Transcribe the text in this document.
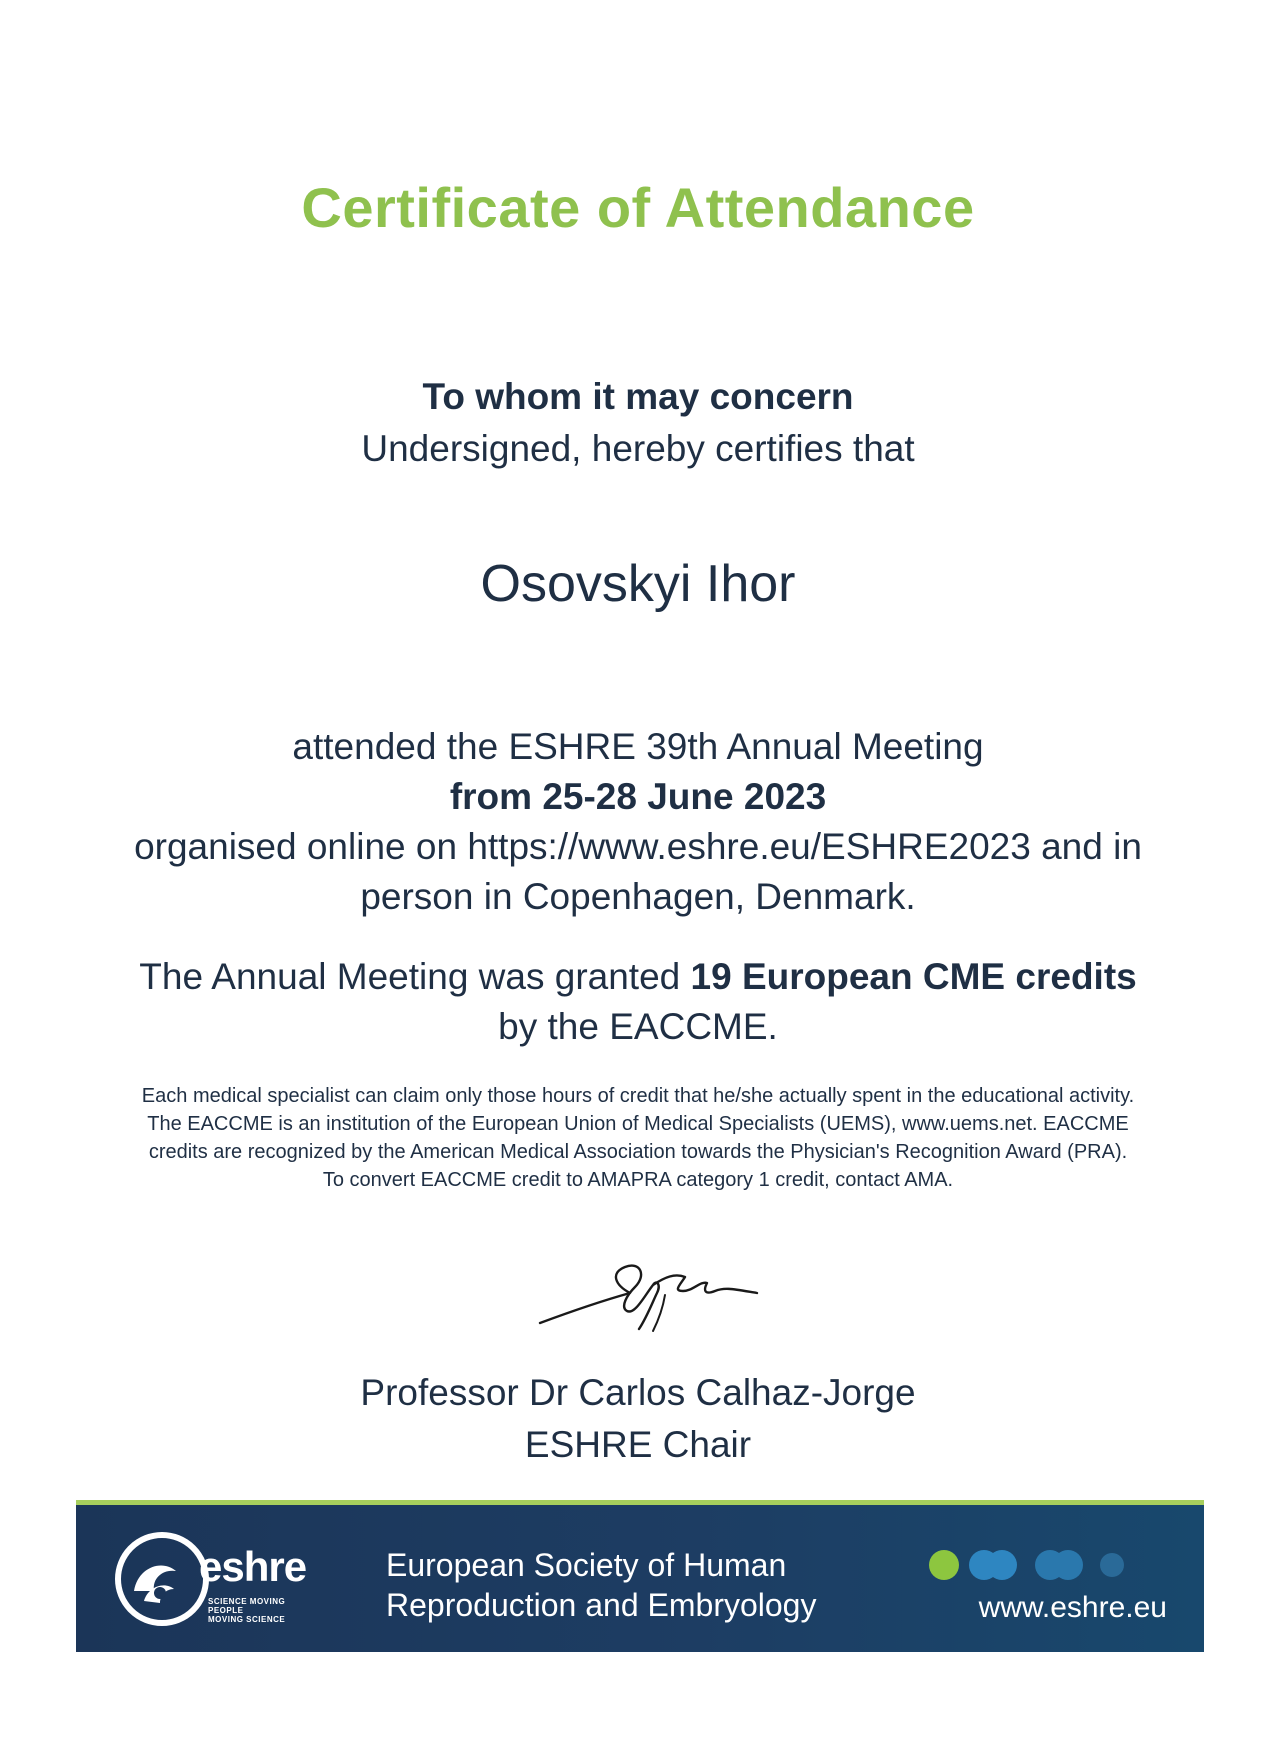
Certificate of Attendance
To whom it may concern
Undersigned, hereby certifies that
Osovskyi Ihor
attended the ESHRE 39th Annual Meeting
from 25-28 June 2023
organised online on https://www.eshre.eu/ESHRE2023 and in
person in Copenhagen, Denmark.
The Annual Meeting was granted 19 European CME credits
by the EACCME.
Each medical specialist can claim only those hours of credit that he/she actually spent in the educational activity.
The EACCME is an institution of the European Union of Medical Specialists (UEMS), www.uems.net. EACCME
credits are recognized by the American Medical Association towards the Physician's Recognition Award (PRA).
To convert EACCME credit to AMAPRA category 1 credit, contact AMA.
Professor Dr Carlos Calhaz-Jorge
ESHRE Chair
eshre
SCIENCE MOVING
PEOPLE
MOVING SCIENCE
European Society of Human
Reproduction and Embryology	www.eshre.eu
